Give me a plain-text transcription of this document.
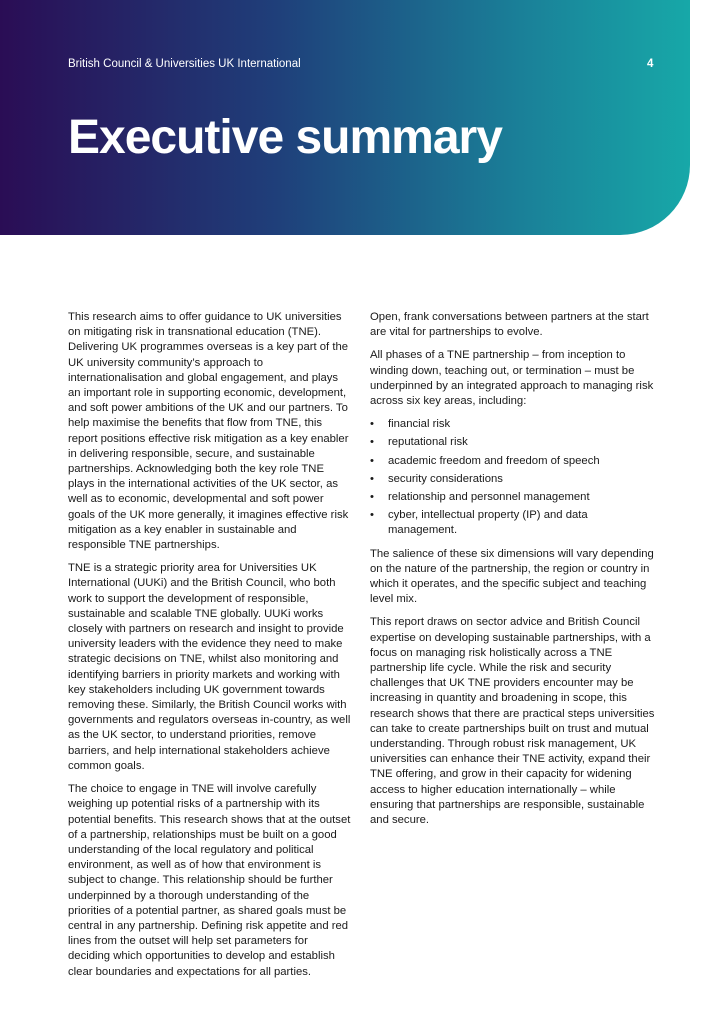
British Council & Universities UK International	4
Executive summary

This research aims to offer guidance to UK universities on mitigating risk in transnational education (TNE). Delivering UK programmes overseas is a key part of the UK university community’s approach to internationalisation and global engagement, and plays an important role in supporting economic, development, and soft power ambitions of the UK and our partners. To help maximise the benefits that flow from TNE, this report positions effective risk mitigation as a key enabler in delivering responsible, secure, and sustainable partnerships. Acknowledging both the key role TNE plays in the international activities of the UK sector, as well as to economic, developmental and soft power goals of the UK more generally, it imagines effective risk mitigation as a key enabler in sustainable and responsible TNE partnerships.

TNE is a strategic priority area for Universities UK International (UUKi) and the British Council, who both work to support the development of responsible, sustainable and scalable TNE globally. UUKi works closely with partners on research and insight to provide university leaders with the evidence they need to make strategic decisions on TNE, whilst also monitoring and identifying barriers in priority markets and working with key stakeholders including UK government towards removing these. Similarly, the British Council works with governments and regulators overseas in-country, as well as the UK sector, to understand priorities, remove barriers, and help international stakeholders achieve common goals.

The choice to engage in TNE will involve carefully weighing up potential risks of a partnership with its potential benefits. This research shows that at the outset of a partnership, relationships must be built on a good understanding of the local regulatory and political environment, as well as of how that environment is subject to change. This relationship should be further underpinned by a thorough understanding of the priorities of a potential partner, as shared goals must be central in any partnership. Defining risk appetite and red lines from the outset will help set parameters for deciding which opportunities to develop and establish clear boundaries and expectations for all parties.

Open, frank conversations between partners at the start are vital for partnerships to evolve.

All phases of a TNE partnership – from inception to winding down, teaching out, or termination – must be underpinned by an integrated approach to managing risk across six key areas, including:

• financial risk
• reputational risk
• academic freedom and freedom of speech
• security considerations
• relationship and personnel management
• cyber, intellectual property (IP) and data management.

The salience of these six dimensions will vary depending on the nature of the partnership, the region or country in which it operates, and the specific subject and teaching level mix.

This report draws on sector advice and British Council expertise on developing sustainable partnerships, with a focus on managing risk holistically across a TNE partnership life cycle. While the risk and security challenges that UK TNE providers encounter may be increasing in quantity and broadening in scope, this research shows that there are practical steps universities can take to create partnerships built on trust and mutual understanding. Through robust risk management, UK universities can enhance their TNE activity, expand their TNE offering, and grow in their capacity for widening access to higher education internationally – while ensuring that partnerships are responsible, sustainable and secure.
